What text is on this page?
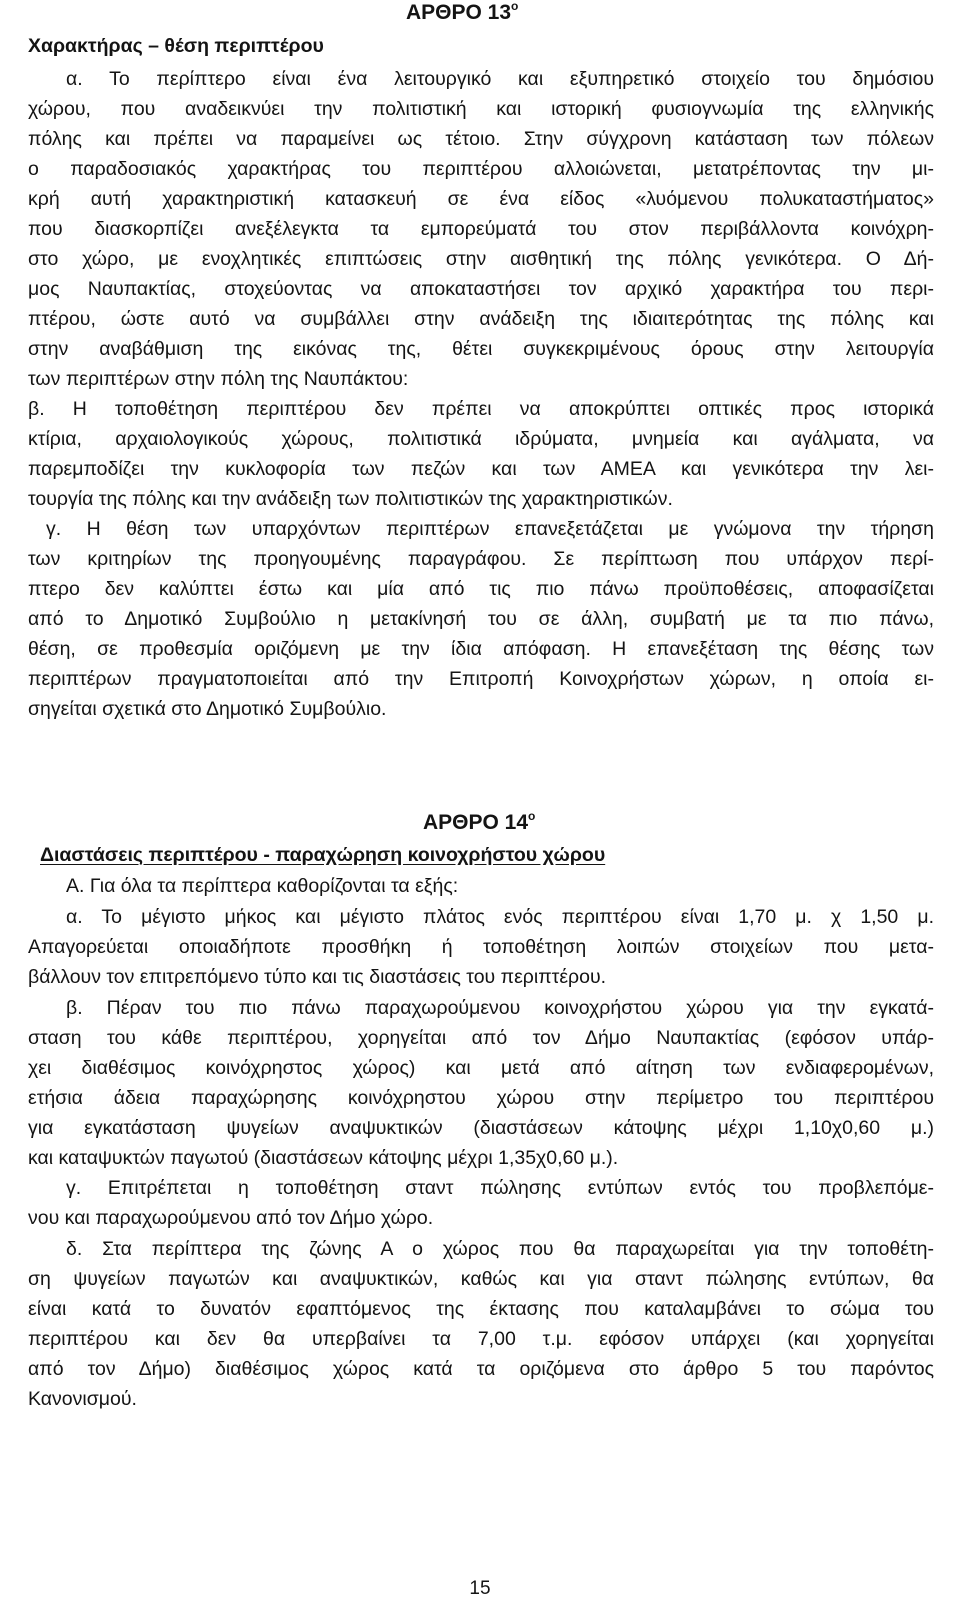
ΑΡΘΡΟ $13^o$
Χαρακτήρας – θέση περιπτέρου
α. Το περίπτερο είναι ένα λειτουργικό και εξυπηρετικό στοιχείο του δημόσιου
χώρου, που αναδεικνύει την πολιτιστική και ιστορική φυσιογνωμία της ελληνικής
πόλης και πρέπει να παραμείνει ως τέτοιο. Στην σύγχρονη κατάσταση των πόλεων
ο παραδοσιακός χαρακτήρας του περιπτέρου αλλοιώνεται, μετατρέποντας την μι-
κρή αυτή χαρακτηριστική κατασκευή σε ένα είδος «λυόμενου πολυκαταστήματος»
που διασκορπίζει ανεξέλεγκτα τα εμπορεύματά του στον περιβάλλοντα κοινόχρη-
στο χώρο, με ενοχλητικές επιπτώσεις στην αισθητική της πόλης γενικότερα. Ο Δή-
μος Ναυπακτίας, στοχεύοντας να αποκαταστήσει τον αρχικό χαρακτήρα του περι-
πτέρου, ώστε αυτό να συμβάλλει στην ανάδειξη της ιδιαιτερότητας της πόλης και
στην αναβάθμιση της εικόνας της, θέτει συγκεκριμένους όρους στην λειτουργία
των περιπτέρων στην πόλη της Ναυπάκτου:
β. Η τοποθέτηση περιπτέρου δεν πρέπει να αποκρύπτει οπτικές προς ιστορικά
κτίρια, αρχαιολογικούς χώρους, πολιτιστικά ιδρύματα, μνημεία και αγάλματα, να
παρεμποδίζει την κυκλοφορία των πεζών και των ΑΜΕΑ και γενικότερα την λει-
τουργία της πόλης και την ανάδειξη των πολιτιστικών της χαρακτηριστικών.
γ. Η θέση των υπαρχόντων περιπτέρων επανεξετάζεται με γνώμονα την τήρηση
των κριτηρίων της προηγουμένης παραγράφου. Σε περίπτωση που υπάρχον περί-
πτερο δεν καλύπτει έστω και μία από τις πιο πάνω προϋποθέσεις, αποφασίζεται
από το Δημοτικό Συμβούλιο η μετακίνησή του σε άλλη, συμβατή με τα πιο πάνω,
θέση, σε προθεσμία οριζόμενη με την ίδια απόφαση. Η επανεξέταση της θέσης των
περιπτέρων πραγματοποιείται από την Επιτροπή Κοινοχρήστων χώρων, η οποία ει-
σηγείται σχετικά στο Δημοτικό Συμβούλιο.
ΑΡΘΡΟ $14^o$
Διαστάσεις περιπτέρου - παραχώρηση κοινοχρήστου χώρου
Α. Για όλα τα περίπτερα καθορίζονται τα εξής:
α. Το μέγιστο μήκος και μέγιστο πλάτος ενός περιπτέρου είναι 1,70 μ. χ 1,50 μ.
Απαγορεύεται οποιαδήποτε προσθήκη ή τοποθέτηση λοιπών στοιχείων που μετα-
βάλλουν τον επιτρεπόμενο τύπο και τις διαστάσεις του περιπτέρου.
β. Πέραν του πιο πάνω παραχωρούμενου κοινοχρήστου χώρου για την εγκατά-
σταση του κάθε περιπτέρου, χορηγείται από τον Δήμο Ναυπακτίας (εφόσον υπάρ-
χει διαθέσιμος κοινόχρηστος χώρος) και μετά από αίτηση των ενδιαφερομένων,
ετήσια άδεια παραχώρησης κοινόχρηστου χώρου στην περίμετρο του περιπτέρου
για εγκατάσταση ψυγείων αναψυκτικών (διαστάσεων κάτοψης μέχρι 1,10χ0,60 μ.)
και καταψυκτών παγωτού (διαστάσεων κάτοψης μέχρι 1,35χ0,60 μ.).
γ. Επιτρέπεται η τοποθέτηση σταντ πώλησης εντύπων εντός του προβλεπόμε-
νου και παραχωρούμενου από τον Δήμο χώρο.
δ. Στα περίπτερα της ζώνης Α ο χώρος που θα παραχωρείται για την τοποθέτη-
ση ψυγείων παγωτών και αναψυκτικών, καθώς και για σταντ πώλησης εντύπων, θα
είναι κατά το δυνατόν εφαπτόμενος της έκτασης που καταλαμβάνει το σώμα του
περιπτέρου και δεν θα υπερβαίνει τα 7,00 τ.μ. εφόσον υπάρχει (και χορηγείται
από τον Δήμο) διαθέσιμος χώρος κατά τα οριζόμενα στο άρθρο 5 του παρόντος
Κανονισμού.
15
